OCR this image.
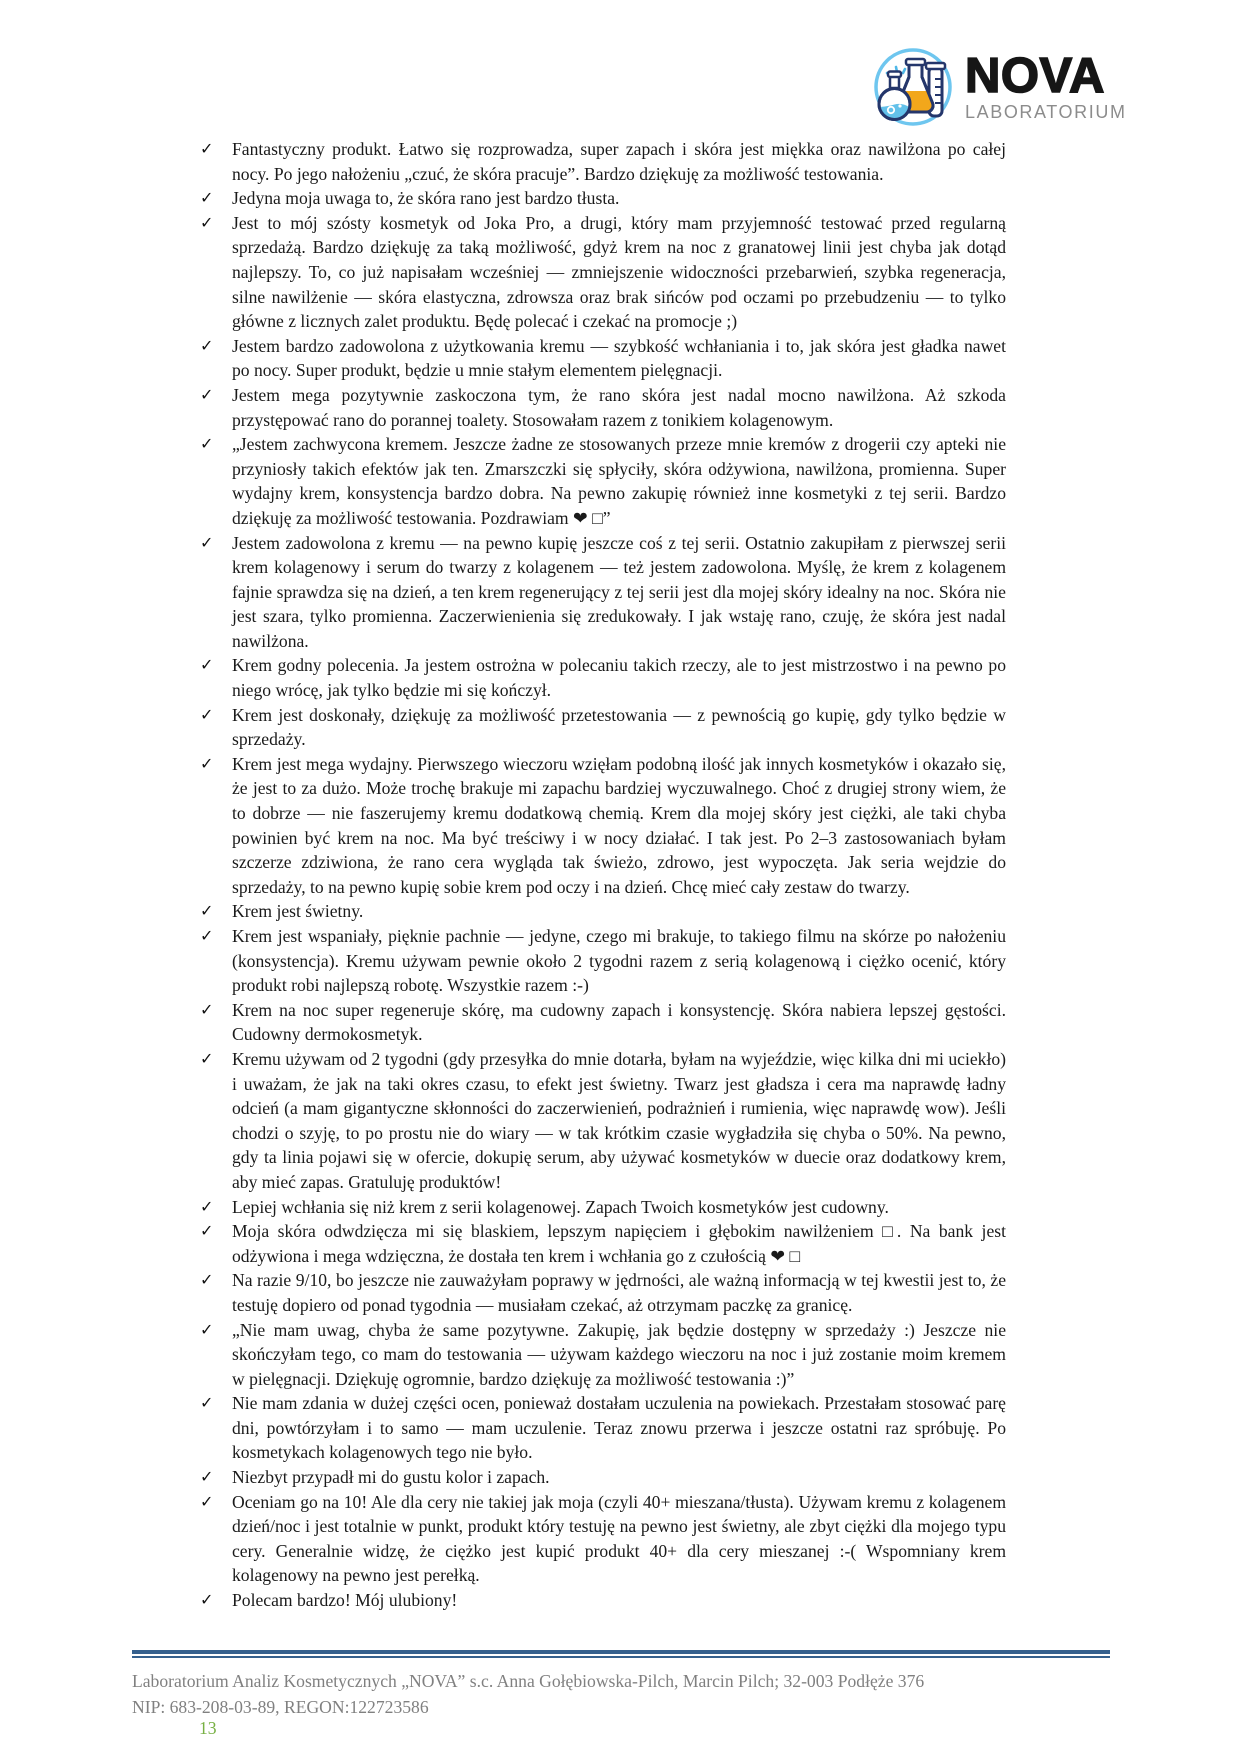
NOVA
LABORATORIUM
✓	Fantastyczny produkt. Łatwo się rozprowadza, super zapach i skóra jest miękka oraz nawilżona po całej nocy. Po jego nałożeniu „czuć, że skóra pracuje”. Bardzo dziękuję za możliwość testowania.
✓	Jedyna moja uwaga to, że skóra rano jest bardzo tłusta.
✓	Jest to mój szósty kosmetyk od Joka Pro, a drugi, który mam przyjemność testować przed regularną sprzedażą. Bardzo dziękuję za taką możliwość, gdyż krem na noc z granatowej linii jest chyba jak dotąd najlepszy. To, co już napisałam wcześniej — zmniejszenie widoczności przebarwień, szybka regeneracja, silne nawilżenie — skóra elastyczna, zdrowsza oraz brak sińców pod oczami po przebudzeniu — to tylko główne z licznych zalet produktu. Będę polecać i czekać na promocje ;)
✓	Jestem bardzo zadowolona z użytkowania kremu — szybkość wchłaniania i to, jak skóra jest gładka nawet po nocy. Super produkt, będzie u mnie stałym elementem pielęgnacji.
✓	Jestem mega pozytywnie zaskoczona tym, że rano skóra jest nadal mocno nawilżona. Aż szkoda przystępować rano do porannej toalety. Stosowałam razem z tonikiem kolagenowym.
✓	„Jestem zachwycona kremem. Jeszcze żadne ze stosowanych przeze mnie kremów z drogerii czy apteki nie przyniosły takich efektów jak ten. Zmarszczki się spłyciły, skóra odżywiona, nawilżona, promienna. Super wydajny krem, konsystencja bardzo dobra. Na pewno zakupię również inne kosmetyki z tej serii. Bardzo dziękuję za możliwość testowania. Pozdrawiam ❤ □”
✓	Jestem zadowolona z kremu — na pewno kupię jeszcze coś z tej serii. Ostatnio zakupiłam z pierwszej serii krem kolagenowy i serum do twarzy z kolagenem — też jestem zadowolona. Myślę, że krem z kolagenem fajnie sprawdza się na dzień, a ten krem regenerujący z tej serii jest dla mojej skóry idealny na noc. Skóra nie jest szara, tylko promienna. Zaczerwienienia się zredukowały. I jak wstaję rano, czuję, że skóra jest nadal nawilżona.
✓	Krem godny polecenia. Ja jestem ostrożna w polecaniu takich rzeczy, ale to jest mistrzostwo i na pewno po niego wrócę, jak tylko będzie mi się kończył.
✓	Krem jest doskonały, dziękuję za możliwość przetestowania — z pewnością go kupię, gdy tylko będzie w sprzedaży.
✓	Krem jest mega wydajny. Pierwszego wieczoru wzięłam podobną ilość jak innych kosmetyków i okazało się, że jest to za dużo. Może trochę brakuje mi zapachu bardziej wyczuwalnego. Choć z drugiej strony wiem, że to dobrze — nie faszerujemy kremu dodatkową chemią. Krem dla mojej skóry jest ciężki, ale taki chyba powinien być krem na noc. Ma być treściwy i w nocy działać. I tak jest. Po 2–3 zastosowaniach byłam szczerze zdziwiona, że rano cera wygląda tak świeżo, zdrowo, jest wypoczęta. Jak seria wejdzie do sprzedaży, to na pewno kupię sobie krem pod oczy i na dzień. Chcę mieć cały zestaw do twarzy.
✓	Krem jest świetny.
✓	Krem jest wspaniały, pięknie pachnie — jedyne, czego mi brakuje, to takiego filmu na skórze po nałożeniu (konsystencja). Kremu używam pewnie około 2 tygodni razem z serią kolagenową i ciężko ocenić, który produkt robi najlepszą robotę. Wszystkie razem :-)
✓	Krem na noc super regeneruje skórę, ma cudowny zapach i konsystencję. Skóra nabiera lepszej gęstości. Cudowny dermokosmetyk.
✓	Kremu używam od 2 tygodni (gdy przesyłka do mnie dotarła, byłam na wyjeździe, więc kilka dni mi uciekło) i uważam, że jak na taki okres czasu, to efekt jest świetny. Twarz jest gładsza i cera ma naprawdę ładny odcień (a mam gigantyczne skłonności do zaczerwienień, podrażnień i rumienia, więc naprawdę wow). Jeśli chodzi o szyję, to po prostu nie do wiary — w tak krótkim czasie wygładziła się chyba o 50%. Na pewno, gdy ta linia pojawi się w ofercie, dokupię serum, aby używać kosmetyków w duecie oraz dodatkowy krem, aby mieć zapas. Gratuluję produktów!
✓	Lepiej wchłania się niż krem z serii kolagenowej. Zapach Twoich kosmetyków jest cudowny.
✓	Moja skóra odwdzięcza mi się blaskiem, lepszym napięciem i głębokim nawilżeniem □. Na bank jest odżywiona i mega wdzięczna, że dostała ten krem i wchłania go z czułością ❤ □
✓	Na razie 9/10, bo jeszcze nie zauważyłam poprawy w jędrności, ale ważną informacją w tej kwestii jest to, że testuję dopiero od ponad tygodnia — musiałam czekać, aż otrzymam paczkę za granicę.
✓	„Nie mam uwag, chyba że same pozytywne. Zakupię, jak będzie dostępny w sprzedaży :) Jeszcze nie skończyłam tego, co mam do testowania — używam każdego wieczoru na noc i już zostanie moim kremem w pielęgnacji. Dziękuję ogromnie, bardzo dziękuję za możliwość testowania :)”
✓	Nie mam zdania w dużej części ocen, ponieważ dostałam uczulenia na powiekach. Przestałam stosować parę dni, powtórzyłam i to samo — mam uczulenie. Teraz znowu przerwa i jeszcze ostatni raz spróbuję. Po kosmetykach kolagenowych tego nie było.
✓	Niezbyt przypadł mi do gustu kolor i zapach.
✓	Oceniam go na 10! Ale dla cery nie takiej jak moja (czyli 40+ mieszana/tłusta). Używam kremu z kolagenem dzień/noc i jest totalnie w punkt, produkt który testuję na pewno jest świetny, ale zbyt ciężki dla mojego typu cery. Generalnie widzę, że ciężko jest kupić produkt 40+ dla cery mieszanej :-( Wspomniany krem kolagenowy na pewno jest perełką.
✓	Polecam bardzo! Mój ulubiony!
Laboratorium Analiz Kosmetycznych „NOVA” s.c. Anna Gołębiowska-Pilch, Marcin Pilch; 32-003 Podłęże 376
NIP: 683-208-03-89, REGON:122723586
13
